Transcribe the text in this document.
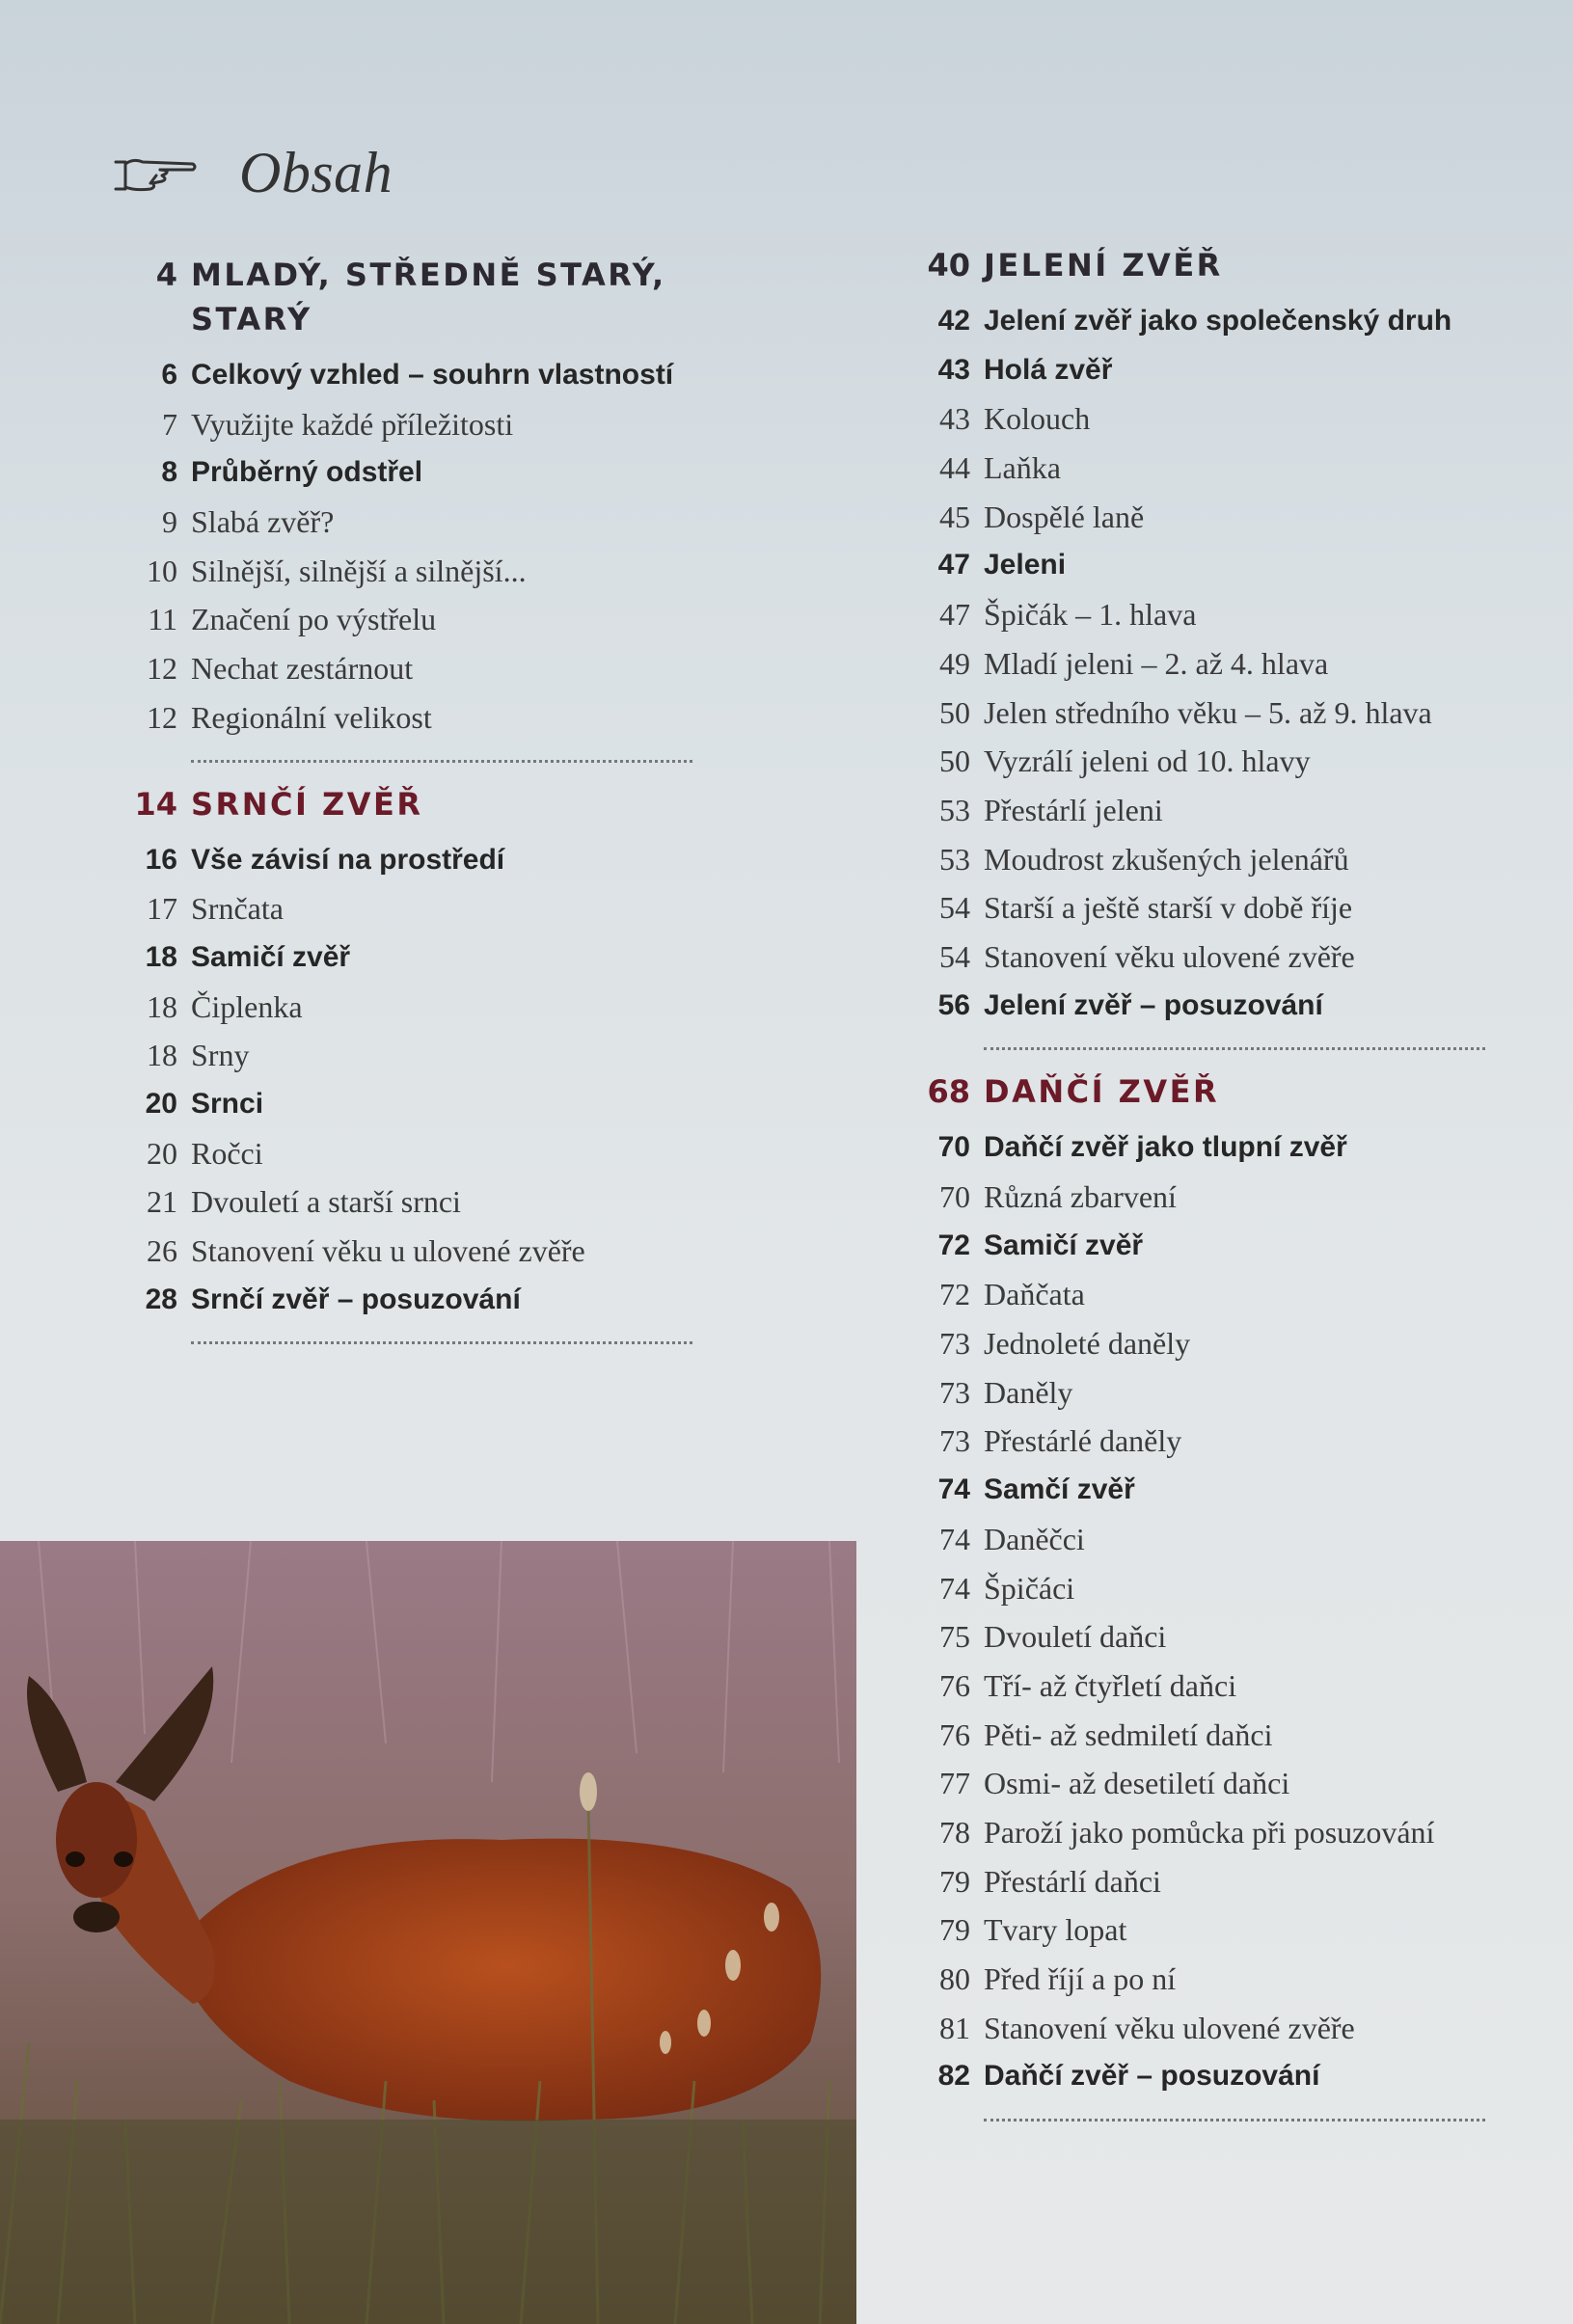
Obsah
4 MLADÝ, STŘEDNĚ STARÝ, STARÝ
6 Celkový vzhled – souhrn vlastností
7 Využijte každé příležitosti
8 Průběrný odstřel
9 Slabá zvěř?
10 Silnější, silnější a silnější...
11 Značení po výstřelu
12 Nechat zestárnout
12 Regionální velikost
14 SRNČÍ ZVĚŘ
16 Vše závisí na prostředí
17 Srnčata
18 Samičí zvěř
18 Čiplenka
18 Srny
20 Srnci
20 Ročci
21 Dvouletí a starší srnci
26 Stanovení věku u ulovené zvěře
28 Srnčí zvěř – posuzování
40 JELENÍ ZVĚŘ
42 Jelení zvěř jako společenský druh
43 Holá zvěř
43 Kolouch
44 Laňka
45 Dospělé laně
47 Jeleni
47 Špičák – 1. hlava
49 Mladí jeleni – 2. až 4. hlava
50 Jelen středního věku – 5. až 9. hlava
50 Vyzrálí jeleni od 10. hlavy
53 Přestárlí jeleni
53 Moudrost zkušených jelenářů
54 Starší a ještě starší v době říje
54 Stanovení věku ulovené zvěře
56 Jelení zvěř – posuzování
68 DAŇČÍ ZVĚŘ
70 Daňčí zvěř jako tlupní zvěř
70 Různá zbarvení
72 Samičí zvěř
72 Daňčata
73 Jednoleté daněly
73 Daněly
73 Přestárlé daněly
74 Samčí zvěř
74 Daněčci
74 Špičáci
75 Dvouletí daňci
76 Tří- až čtyřletí daňci
76 Pěti- až sedmiletí daňci
77 Osmi- až desetiletí daňci
78 Paroží jako pomůcka při posuzování
79 Přestárlí daňci
79 Tvary lopat
80 Před říjí a po ní
81 Stanovení věku ulovené zvěře
82 Daňčí zvěř – posuzování
